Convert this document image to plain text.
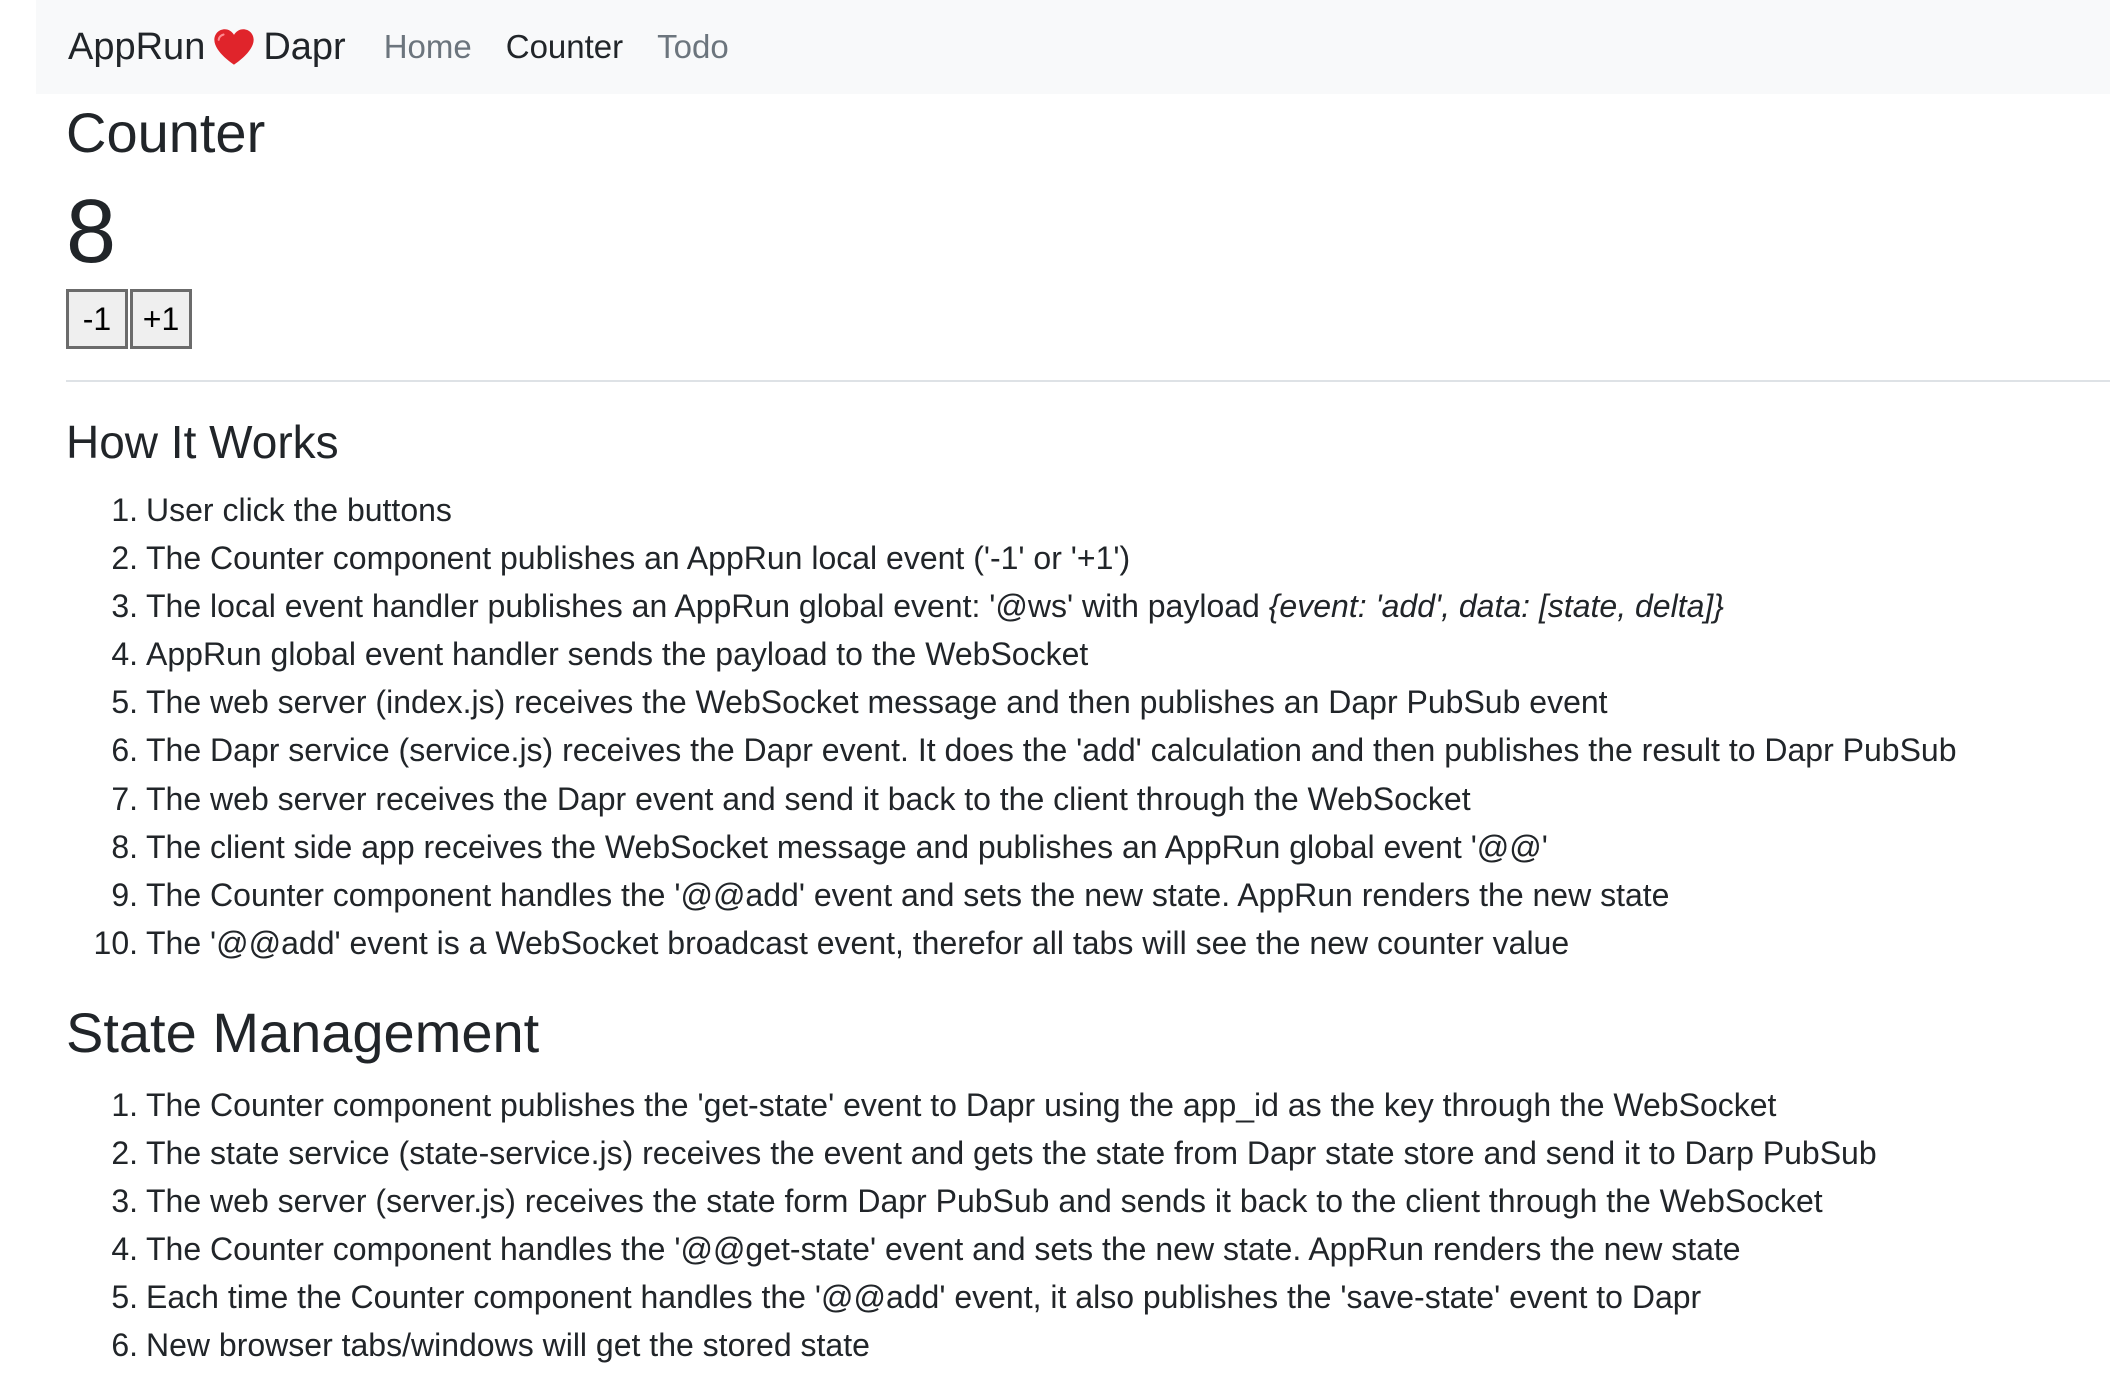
AppRun Dapr Home Counter Todo
Counter
8
-1 +1
How It Works
1. User click the buttons
2. The Counter component publishes an AppRun local event ('-1' or '+1')
3. The local event handler publishes an AppRun global event: '@ws' with payload {event: 'add', data: [state, delta]}
4. AppRun global event handler sends the payload to the WebSocket
5. The web server (index.js) receives the WebSocket message and then publishes an Dapr PubSub event
6. The Dapr service (service.js) receives the Dapr event. It does the 'add' calculation and then publishes the result to Dapr PubSub
7. The web server receives the Dapr event and send it back to the client through the WebSocket
8. The client side app receives the WebSocket message and publishes an AppRun global event '@@'
9. The Counter component handles the '@@add' event and sets the new state. AppRun renders the new state
10. The '@@add' event is a WebSocket broadcast event, therefor all tabs will see the new counter value
State Management
1. The Counter component publishes the 'get-state' event to Dapr using the app_id as the key through the WebSocket
2. The state service (state-service.js) receives the event and gets the state from Dapr state store and send it to Darp PubSub
3. The web server (server.js) receives the state form Dapr PubSub and sends it back to the client through the WebSocket
4. The Counter component handles the '@@get-state' event and sets the new state. AppRun renders the new state
5. Each time the Counter component handles the '@@add' event, it also publishes the 'save-state' event to Dapr
6. New browser tabs/windows will get the stored state
